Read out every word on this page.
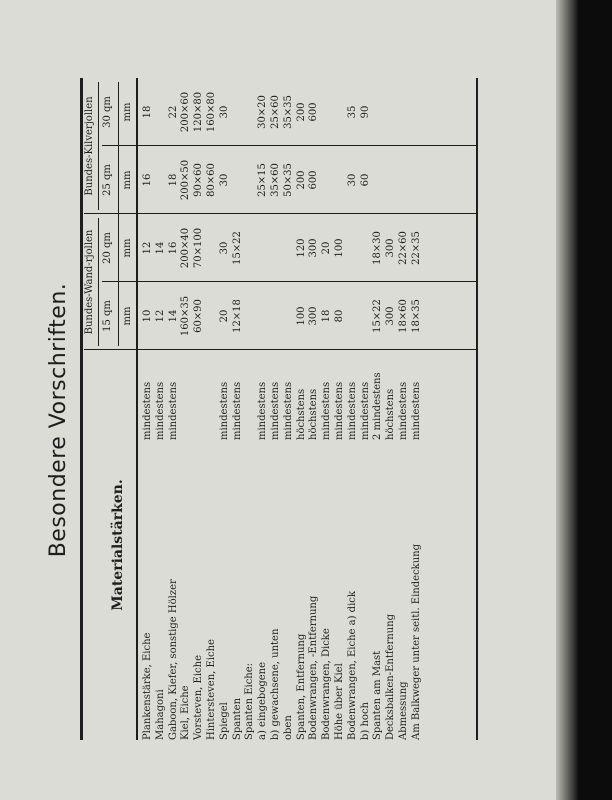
Besondere Vorschriften.	Materialstärken.
Bundes-Wand-rjollen
Bundes-Kilverjollen
15 qm
20 qm
25 qm
30 qm
mm
mm
mm
mm
Plankenstärke, Eiche
mindestens
10
12
16
18
Mahagoni
mindestens
12
14
Gaboon, Kiefer, sonstige Hölzer
mindestens
14
16
18
22
Kiel, Eiche
160×35
200×40
200×50
200×60
Vorsteven, Eiche
60×90
70×100
90×60
120×80
Hintersteven, Eiche
80×60
160×80
Spiegel
mindestens
20
30
30
30
Spanten
mindestens
12×18
15×22
Spanten Eiche: a) eingebogene
mindestens
25×15
30×20
b) gewachsene, unten
mindestens
35×60
25×60
oben
mindestens
50×35
35×35
Spanten, Entfernung
höchstens
100
120
200
200
Bodenwrangen, -Entfernung
höchstens
300
300
600
600
Bodenwrangen, Dicke
mindestens
18
20
Höhe über Kiel
mindestens
80
100
Bodenwrangen, Eiche a) dick
mindestens
30
35
b) hoch
mindestens
60
90
Spanten am Mast
2 mindestens
15×22
18×30
Decksbalken-Entfernung
höchstens
300
300
Abmessung
mindestens
18×60
22×60
Am Balkweger unter seitl. Eindeckung
mindestens
18×35
22×35
